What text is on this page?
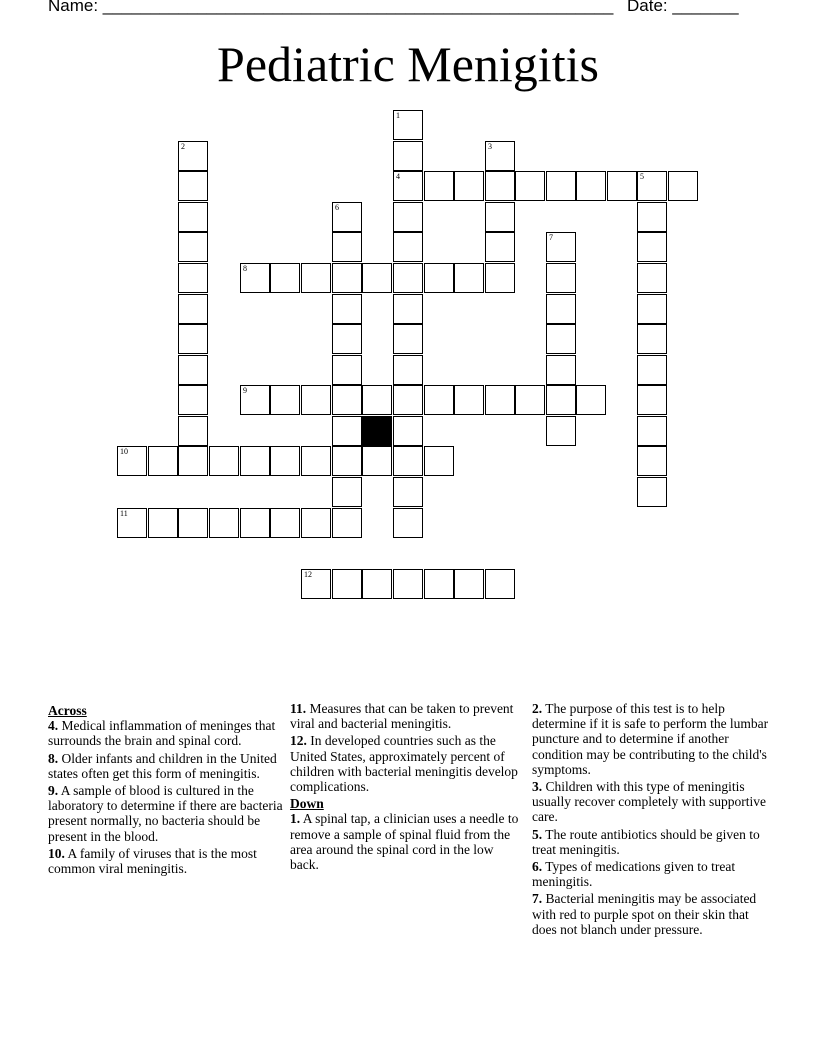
Name: ______________________________________________________ Date: _______
Pediatric Menigitis
1
2	3
4	5
6
7
8
9
10
11
12
Across
4. Medical inflammation of meninges that surrounds the brain and spinal cord.
8. Older infants and children in the United states often get this form of meningitis.
9. A sample of blood is cultured in the laboratory to determine if there are bacteria present normally, no bacteria should be present in the blood.
10. A family of viruses that is the most common viral meningitis.
11. Measures that can be taken to prevent viral and bacterial meningitis.
12. In developed countries such as the United States, approximately percent of children with bacterial meningitis develop complications.
Down
1. A spinal tap, a clinician uses a needle to remove a sample of spinal fluid from the area around the spinal cord in the low back.
2. The purpose of this test is to help determine if it is safe to perform the lumbar puncture and to determine if another condition may be contributing to the child's symptoms.
3. Children with this type of meningitis usually recover completely with supportive care.
5. The route antibiotics should be given to treat meningitis.
6. Types of medications given to treat meningitis.
7. Bacterial meningitis may be associated with red to purple spot on their skin that does not blanch under pressure.
